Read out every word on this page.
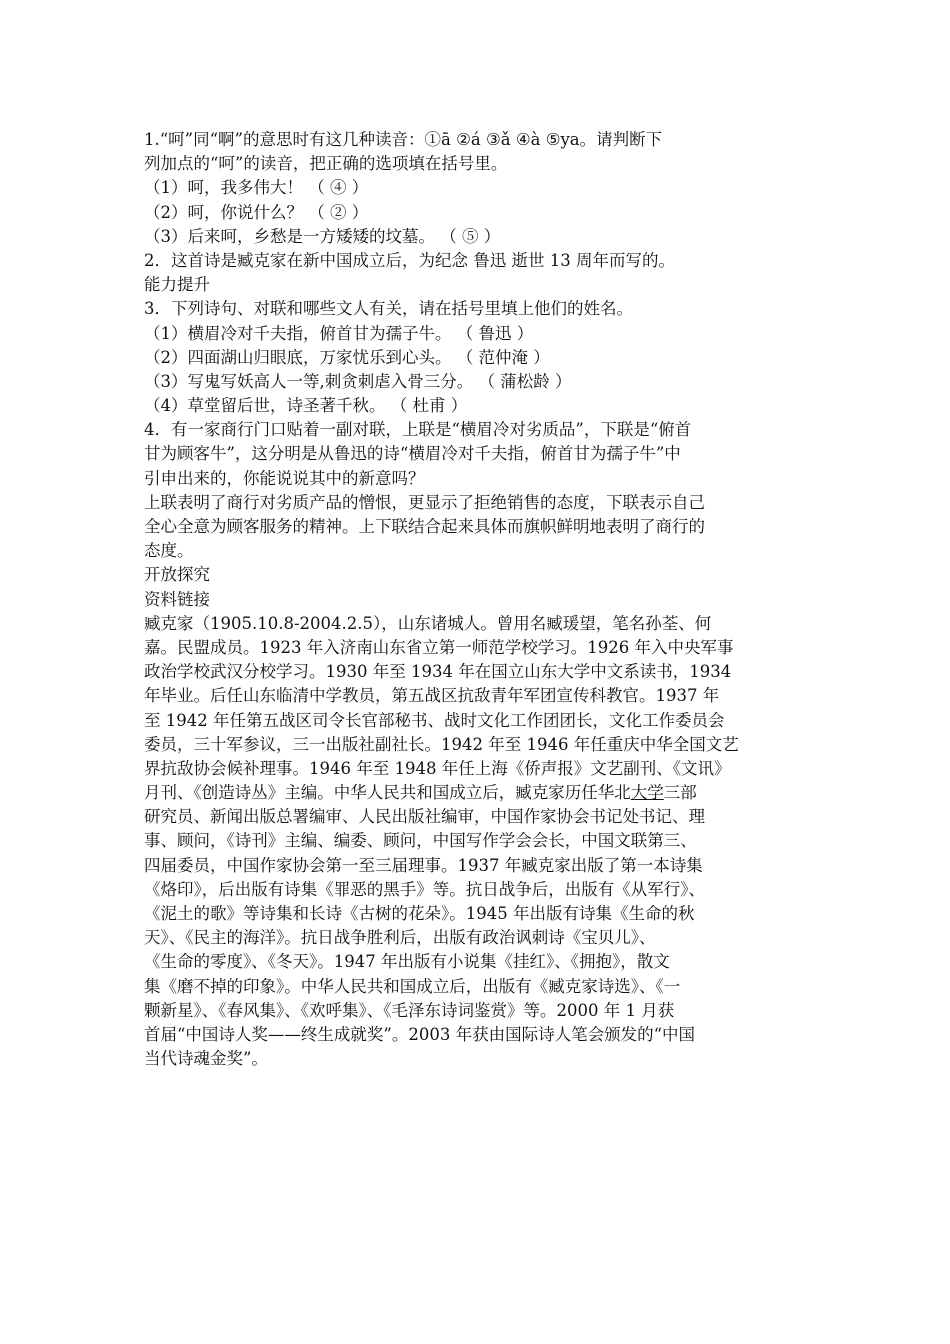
1.“呵”同“啊”的意思时有这几种读音：①ā ②á ③ǎ ④à ⑤ya。请判断下
列加点的“呵”的读音，把正确的选项填在括号里。
（1）呵，我多伟大！ （ ④ ）
（2）呵，你说什么？ （ ② ）
（3）后来呵，乡愁是一方矮矮的坟墓。 （ ⑤ ）
2．这首诗是臧克家在新中国成立后，为纪念 鲁迅 逝世 13 周年而写的。
能力提升
3．下列诗句、对联和哪些文人有关，请在括号里填上他们的姓名。
（1）横眉冷对千夫指，俯首甘为孺子牛。 （ 鲁迅 ）
（2）四面湖山归眼底，万家忧乐到心头。 （ 范仲淹 ）
（3）写鬼写妖高人一等,刺贪刺虐入骨三分。 （ 蒲松龄 ）
（4）草堂留后世，诗圣著千秋。 （ 杜甫 ）
4．有一家商行门口贴着一副对联，上联是“横眉冷对劣质品”，下联是“俯首
甘为顾客牛”，这分明是从鲁迅的诗“横眉冷对千夫指，俯首甘为孺子牛”中
引申出来的，你能说说其中的新意吗？
上联表明了商行对劣质产品的憎恨，更显示了拒绝销售的态度，下联表示自己
全心全意为顾客服务的精神。上下联结合起来具体而旗帜鲜明地表明了商行的
态度。
开放探究
资料链接
臧克家（1905.10.8-2004.2.5），山东诸城人。曾用名臧瑗望，笔名孙荃、何
嘉。民盟成员。1923 年入济南山东省立第一师范学校学习。1926 年入中央军事
政治学校武汉分校学习。1930 年至 1934 年在国立山东大学中文系读书，1934
年毕业。后任山东临清中学教员，第五战区抗敌青年军团宣传科教官。1937 年
至 1942 年任第五战区司令长官部秘书、战时文化工作团团长，文化工作委员会
委员，三十军参议，三一出版社副社长。1942 年至 1946 年任重庆中华全国文艺
界抗敌协会候补理事。1946 年至 1948 年任上海《侨声报》文艺副刊、《文讯》
月刊、《创造诗丛》主编。中华人民共和国成立后，臧克家历任华北大学三部
研究员、新闻出版总署编审、人民出版社编审，中国作家协会书记处书记、理
事、顾问，《诗刊》主编、编委、顾问，中国写作学会会长，中国文联第三、
四届委员，中国作家协会第一至三届理事。1937 年臧克家出版了第一本诗集
《烙印》，后出版有诗集《罪恶的黑手》等。抗日战争后，出版有《从军行》、
《泥土的歌》等诗集和长诗《古树的花朵》。1945 年出版有诗集《生命的秋
天》、《民主的海洋》。抗日战争胜利后，出版有政治讽刺诗《宝贝儿》、
《生命的零度》、《冬天》。1947 年出版有小说集《挂红》、《拥抱》，散文
集《磨不掉的印象》。中华人民共和国成立后，出版有《臧克家诗选》、《一
颗新星》、《春风集》、《欢呼集》、《毛泽东诗词鉴赏》等。2000 年 1 月获
首届“中国诗人奖——终生成就奖”。2003 年获由国际诗人笔会颁发的“中国
当代诗魂金奖”。
